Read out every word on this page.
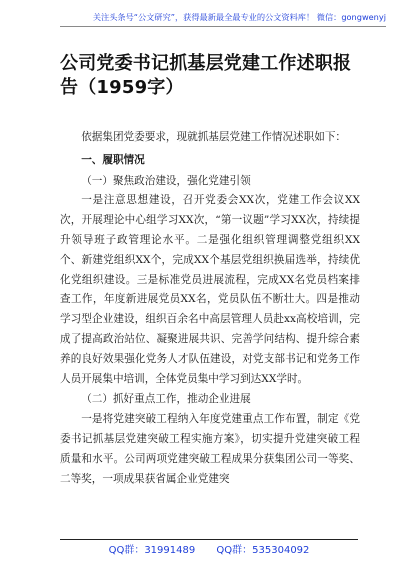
关注头条号“公文研究”，获得最新最全最专业的公文资料库！ 微信：gongwenyj
公司党委书记抓基层党建工作述职报告（1959字）

依据集团党委要求，现就抓基层党建工作情况述职如下：

一、履职情况

（一）聚焦政治建设，强化党建引领

一是注意思想建设，召开党委会XX次，党建工作会议XX次，开展理论中心组学习XX次，“第一议题”学习XX次，持续提升领导班子政管理论水平。二是强化组织管理调整党组织XX个、新建党组织XX个，完成XX个基层党组织换届选举，持续优化党组织建设。三是标准党员进展流程，完成XX名党员档案排查工作，年度新进展党员XX名，党员队伍不断壮大。四是推动学习型企业建设，组织百余名中高层管理人员赴xx高校培训，完成了提高政治站位、凝聚进展共识、完善学问结构、提升综合素养的良好效果强化党务人才队伍建设，对党支部书记和党务工作人员开展集中培训，全体党员集中学习到达XX学时。

（二）抓好重点工作，推动企业进展

一是将党建突破工程纳入年度党建重点工作布置，制定《党委书记抓基层党建突破工程实施方案》，切实提升党建突破工程质量和水平。公司两项党建突破工程成果分获集团公司一等奖、二等奖，一项成果获省属企业党建突

QQ群：31991489 QQ群：535304092
